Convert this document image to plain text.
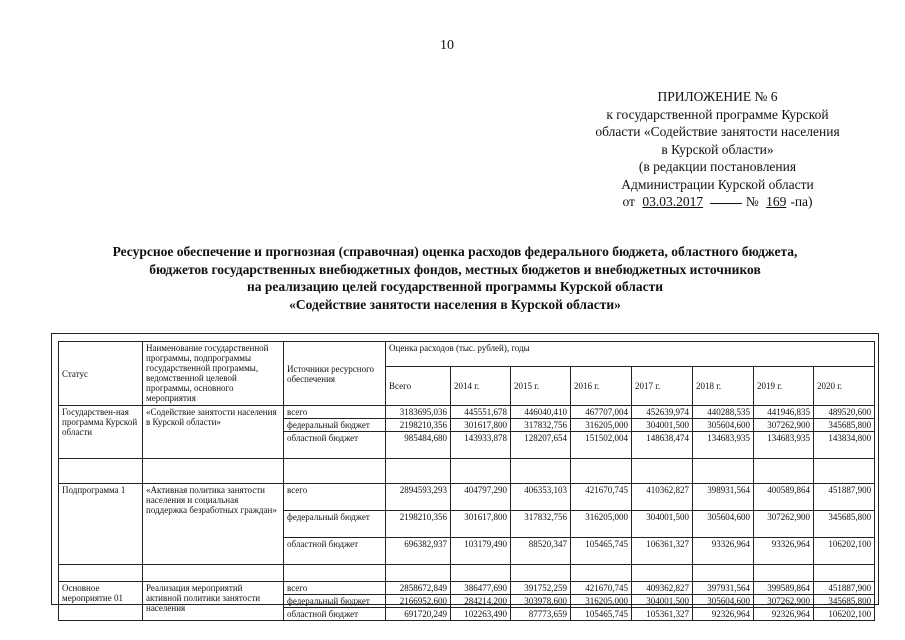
10
ПРИЛОЖЕНИЕ № 6
к государственной программе Курской
области «Содействие занятости населения
в Курской области»
(в редакции постановления
Администрации Курской области
от 03.03.2017	№ 169 -па)
Ресурсное обеспечение и прогнозная (справочная) оценка расходов федерального бюджета, областного бюджета,
бюджетов государственных внебюджетных фондов, местных бюджетов и внебюджетных источников
на реализацию целей государственной программы Курской области
«Содействие занятости населения в Курской области»
Статус	Наименование государственной программы, подпрограммы государственной программы, ведомственной целевой программы, основного мероприятия	Источники ресурсного обеспечения	Оценка расходов (тыс. рублей), годы							
			Всего	2014 г.	2015 г.	2016 г.	2017 г.	2018 г.	2019 г.	2020 г.
Государствен-ная программа Курской области	«Содействие занятости населения в Курской области»	всего	3183695,036	445551,678	446040,410	467707,004	452639,974	440288,535	441946,835	489520,600
		федеральный бюджет	2198210,356	301617,800	317832,756	316205,000	304001,500	305604,600	307262,900	345685,800
		областной бюджет	985484,680	143933,878	128207,654	151502,004	148638,474	134683,935	134683,935	143834,800

Подпрограмма 1	«Активная политика занятости населения и социальная поддержка безработных граждан»	всего	2894593,293	404797,290	406353,103	421670,745	410362,827	398931,564	400589,864	451887,900
		федеральный бюджет	2198210,356	301617,800	317832,756	316205,000	304001,500	305604,600	307262,900	345685,800
		областной бюджет	696382,937	103179,490	88520,347	105465,745	106361,327	93326,964	93326,964	106202,100

Основное мероприятие 01	Реализация мероприятий активной политики занятости населения	всего	2858672,849	386477,690	391752,259	421670,745	409362,827	397931,564	399589,864	451887,900
		федеральный бюджет	2166952,600	284214,200	303978,600	316205,000	304001,500	305604,600	307262,900	345685,800
		областной бюджет	691720,249	102263,490	87773,659	105465,745	105361,327	92326,964	92326,964	106202,100
